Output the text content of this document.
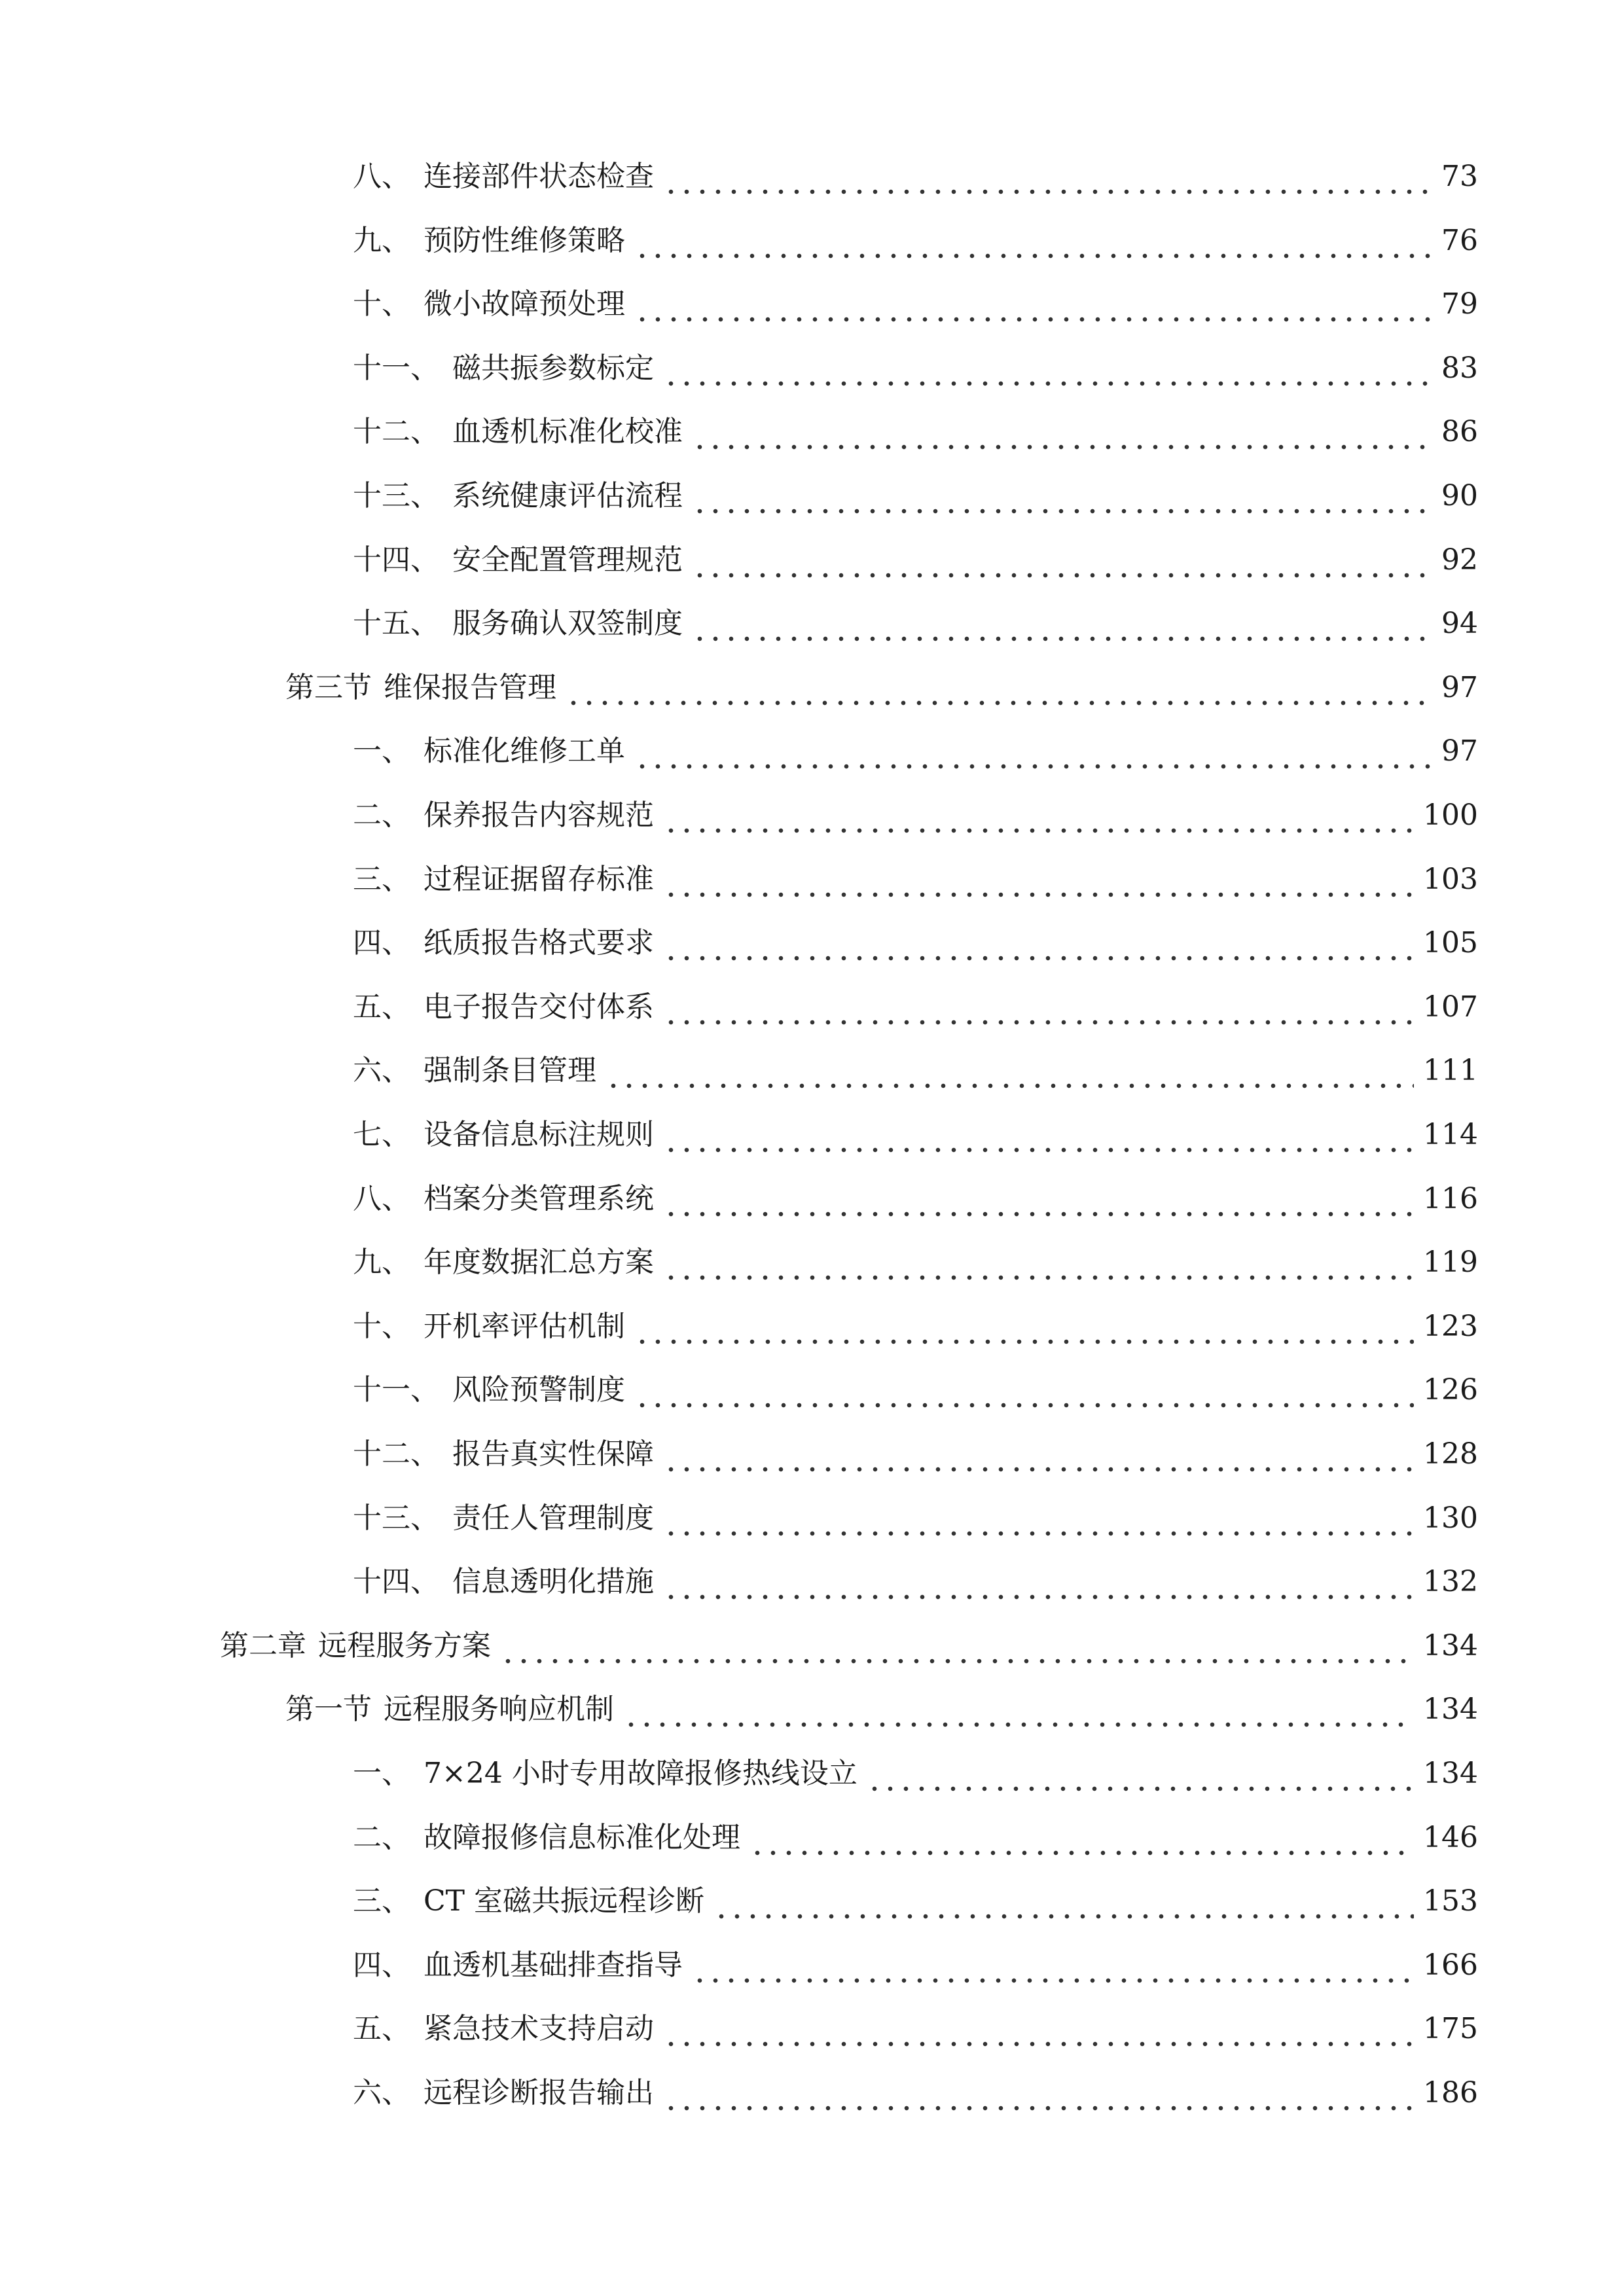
八、 连接部件状态检查	73
九、 预防性维修策略	76
十、 微小故障预处理	79
十一、 磁共振参数标定	83
十二、 血透机标准化校准	86
十三、 系统健康评估流程	90
十四、 安全配置管理规范	92
十五、 服务确认双签制度	94
第三节 维保报告管理	97
一、 标准化维修工单	97
二、 保养报告内容规范	100
三、 过程证据留存标准	103
四、 纸质报告格式要求	105
五、 电子报告交付体系	107
六、 强制条目管理	111
七、 设备信息标注规则	114
八、 档案分类管理系统	116
九、 年度数据汇总方案	119
十、 开机率评估机制	123
十一、 风险预警制度	126
十二、 报告真实性保障	128
十三、 责任人管理制度	130
十四、 信息透明化措施	132
第二章 远程服务方案	134
第一节 远程服务响应机制	134
一、 7×24 小时专用故障报修热线设立	134
二、 故障报修信息标准化处理	146
三、 CT 室磁共振远程诊断	153
四、 血透机基础排查指导	166
五、 紧急技术支持启动	175
六、 远程诊断报告输出	186
